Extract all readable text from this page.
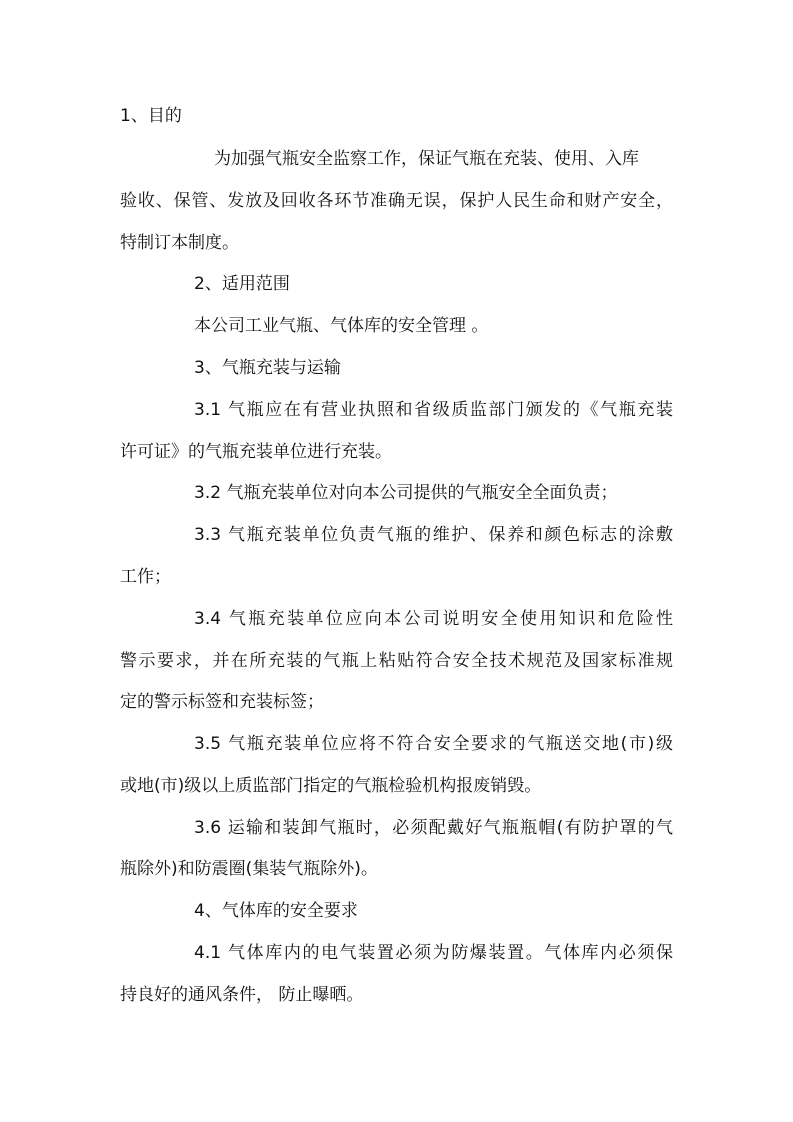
1、目的
为加强气瓶安全监察工作，保证气瓶在充装、使用、入库
验收、保管、发放及回收各环节准确无误，保护人民生命和财产安全，
特制订本制度。
2、适用范围
本公司工业气瓶、气体库的安全管理 。
3、气瓶充装与运输
3.1 气瓶应在有营业执照和省级质监部门颁发的《气瓶充装
许可证》的气瓶充装单位进行充装。
3.2 气瓶充装单位对向本公司提供的气瓶安全全面负责；
3.3 气瓶充装单位负责气瓶的维护、保养和颜色标志的涂敷
工作；
3.4 气瓶充装单位应向本公司说明安全使用知识和危险性
警示要求，并在所充装的气瓶上粘贴符合安全技术规范及国家标准规
定的警示标签和充装标签；
3.5 气瓶充装单位应将不符合安全要求的气瓶送交地(市)级
或地(市)级以上质监部门指定的气瓶检验机构报废销毁。
3.6 运输和装卸气瓶时，必须配戴好气瓶瓶帽(有防护罩的气
瓶除外)和防震圈(集装气瓶除外)。
4、气体库的安全要求
4.1 气体库内的电气装置必须为防爆装置。气体库内必须保
持良好的通风条件， 防止曝晒。
